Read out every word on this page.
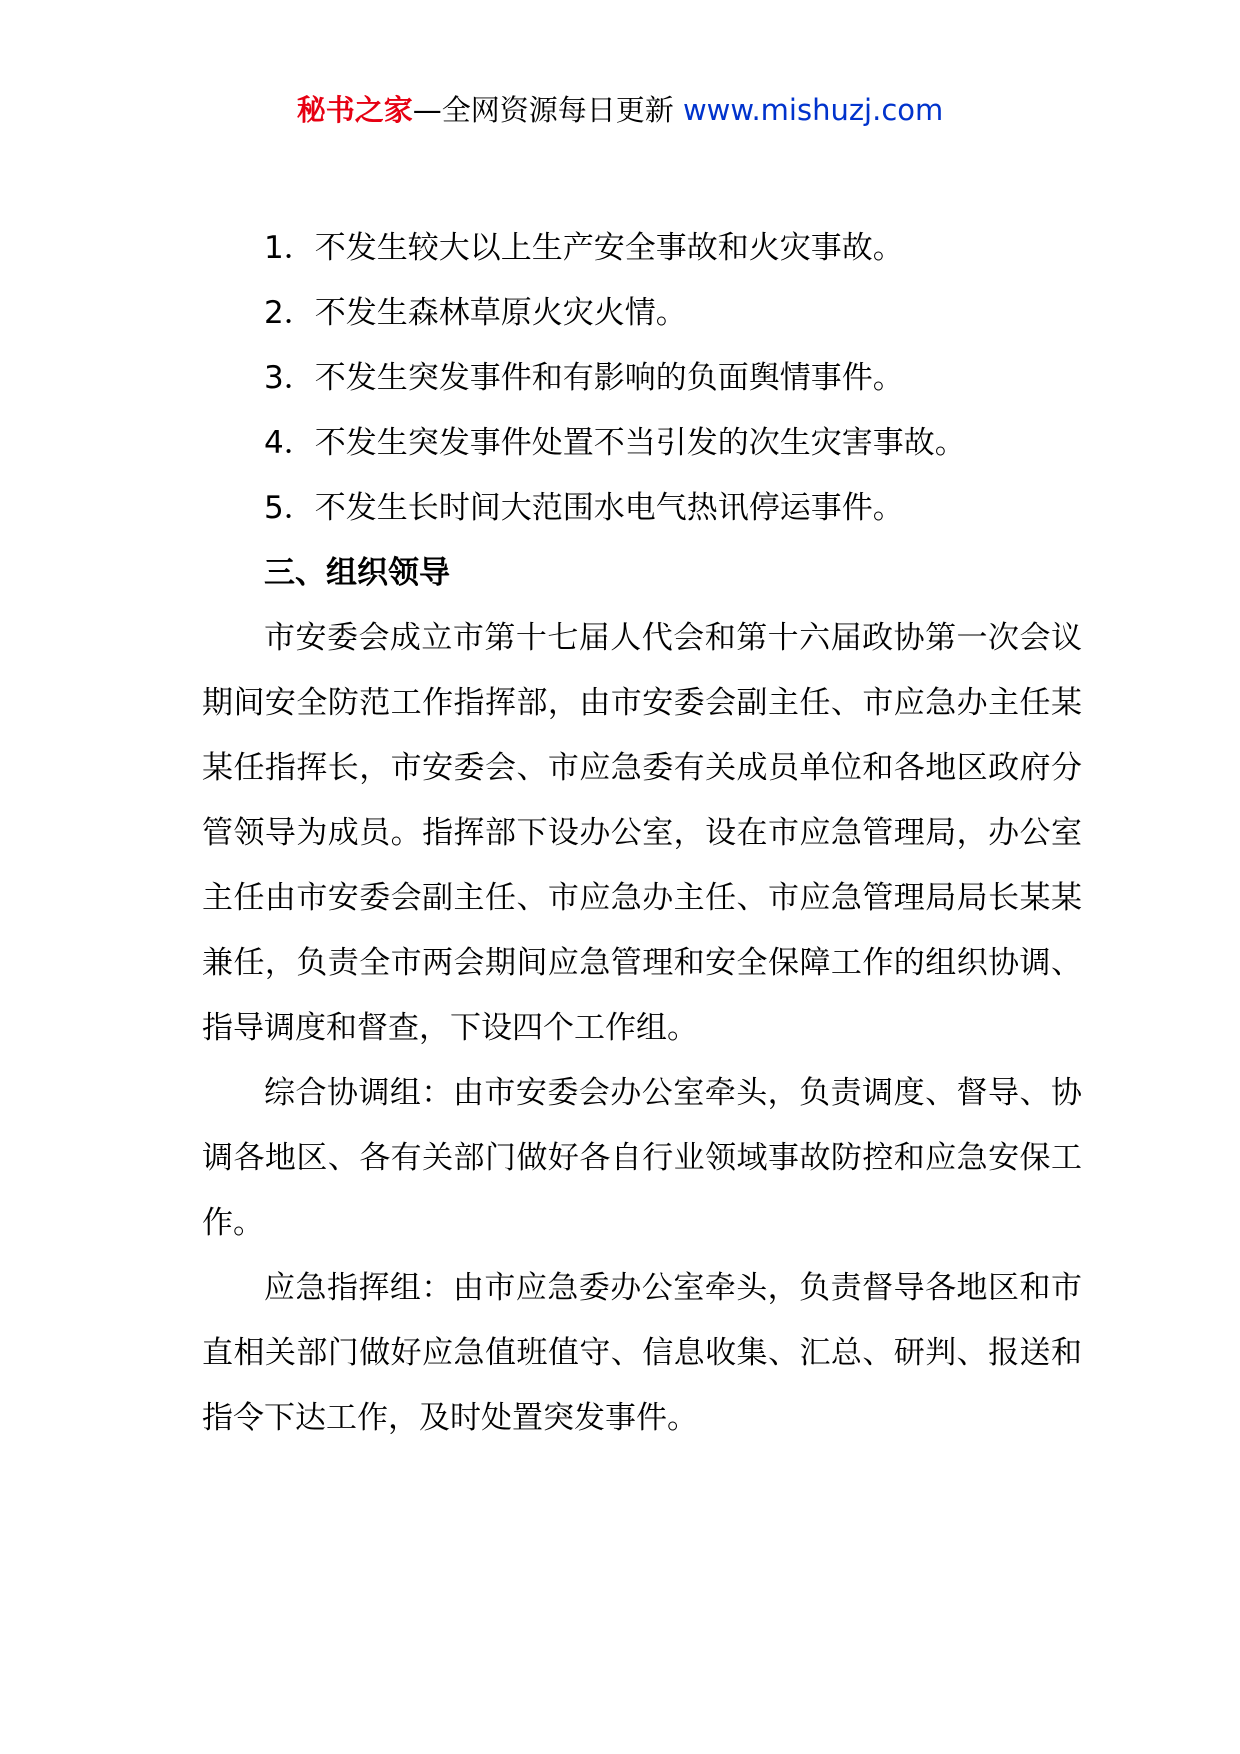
秘书之家—全网资源每日更新 www.mishuzj.com

1．不发生较大以上生产安全事故和火灾事故。

2．不发生森林草原火灾火情。

3．不发生突发事件和有影响的负面舆情事件。

4．不发生突发事件处置不当引发的次生灾害事故。

5．不发生长时间大范围水电气热讯停运事件。

三、组织领导

市安委会成立市第十七届人代会和第十六届政协第一次会议期间安全防范工作指挥部，由市安委会副主任、市应急办主任某某任指挥长，市安委会、市应急委有关成员单位和各地区政府分管领导为成员。指挥部下设办公室，设在市应急管理局，办公室主任由市安委会副主任、市应急办主任、市应急管理局局长某某兼任，负责全市两会期间应急管理和安全保障工作的组织协调、指导调度和督查，下设四个工作组。

综合协调组：由市安委会办公室牵头，负责调度、督导、协调各地区、各有关部门做好各自行业领域事故防控和应急安保工作。

应急指挥组：由市应急委办公室牵头，负责督导各地区和市直相关部门做好应急值班值守、信息收集、汇总、研判、报送和指令下达工作，及时处置突发事件。
